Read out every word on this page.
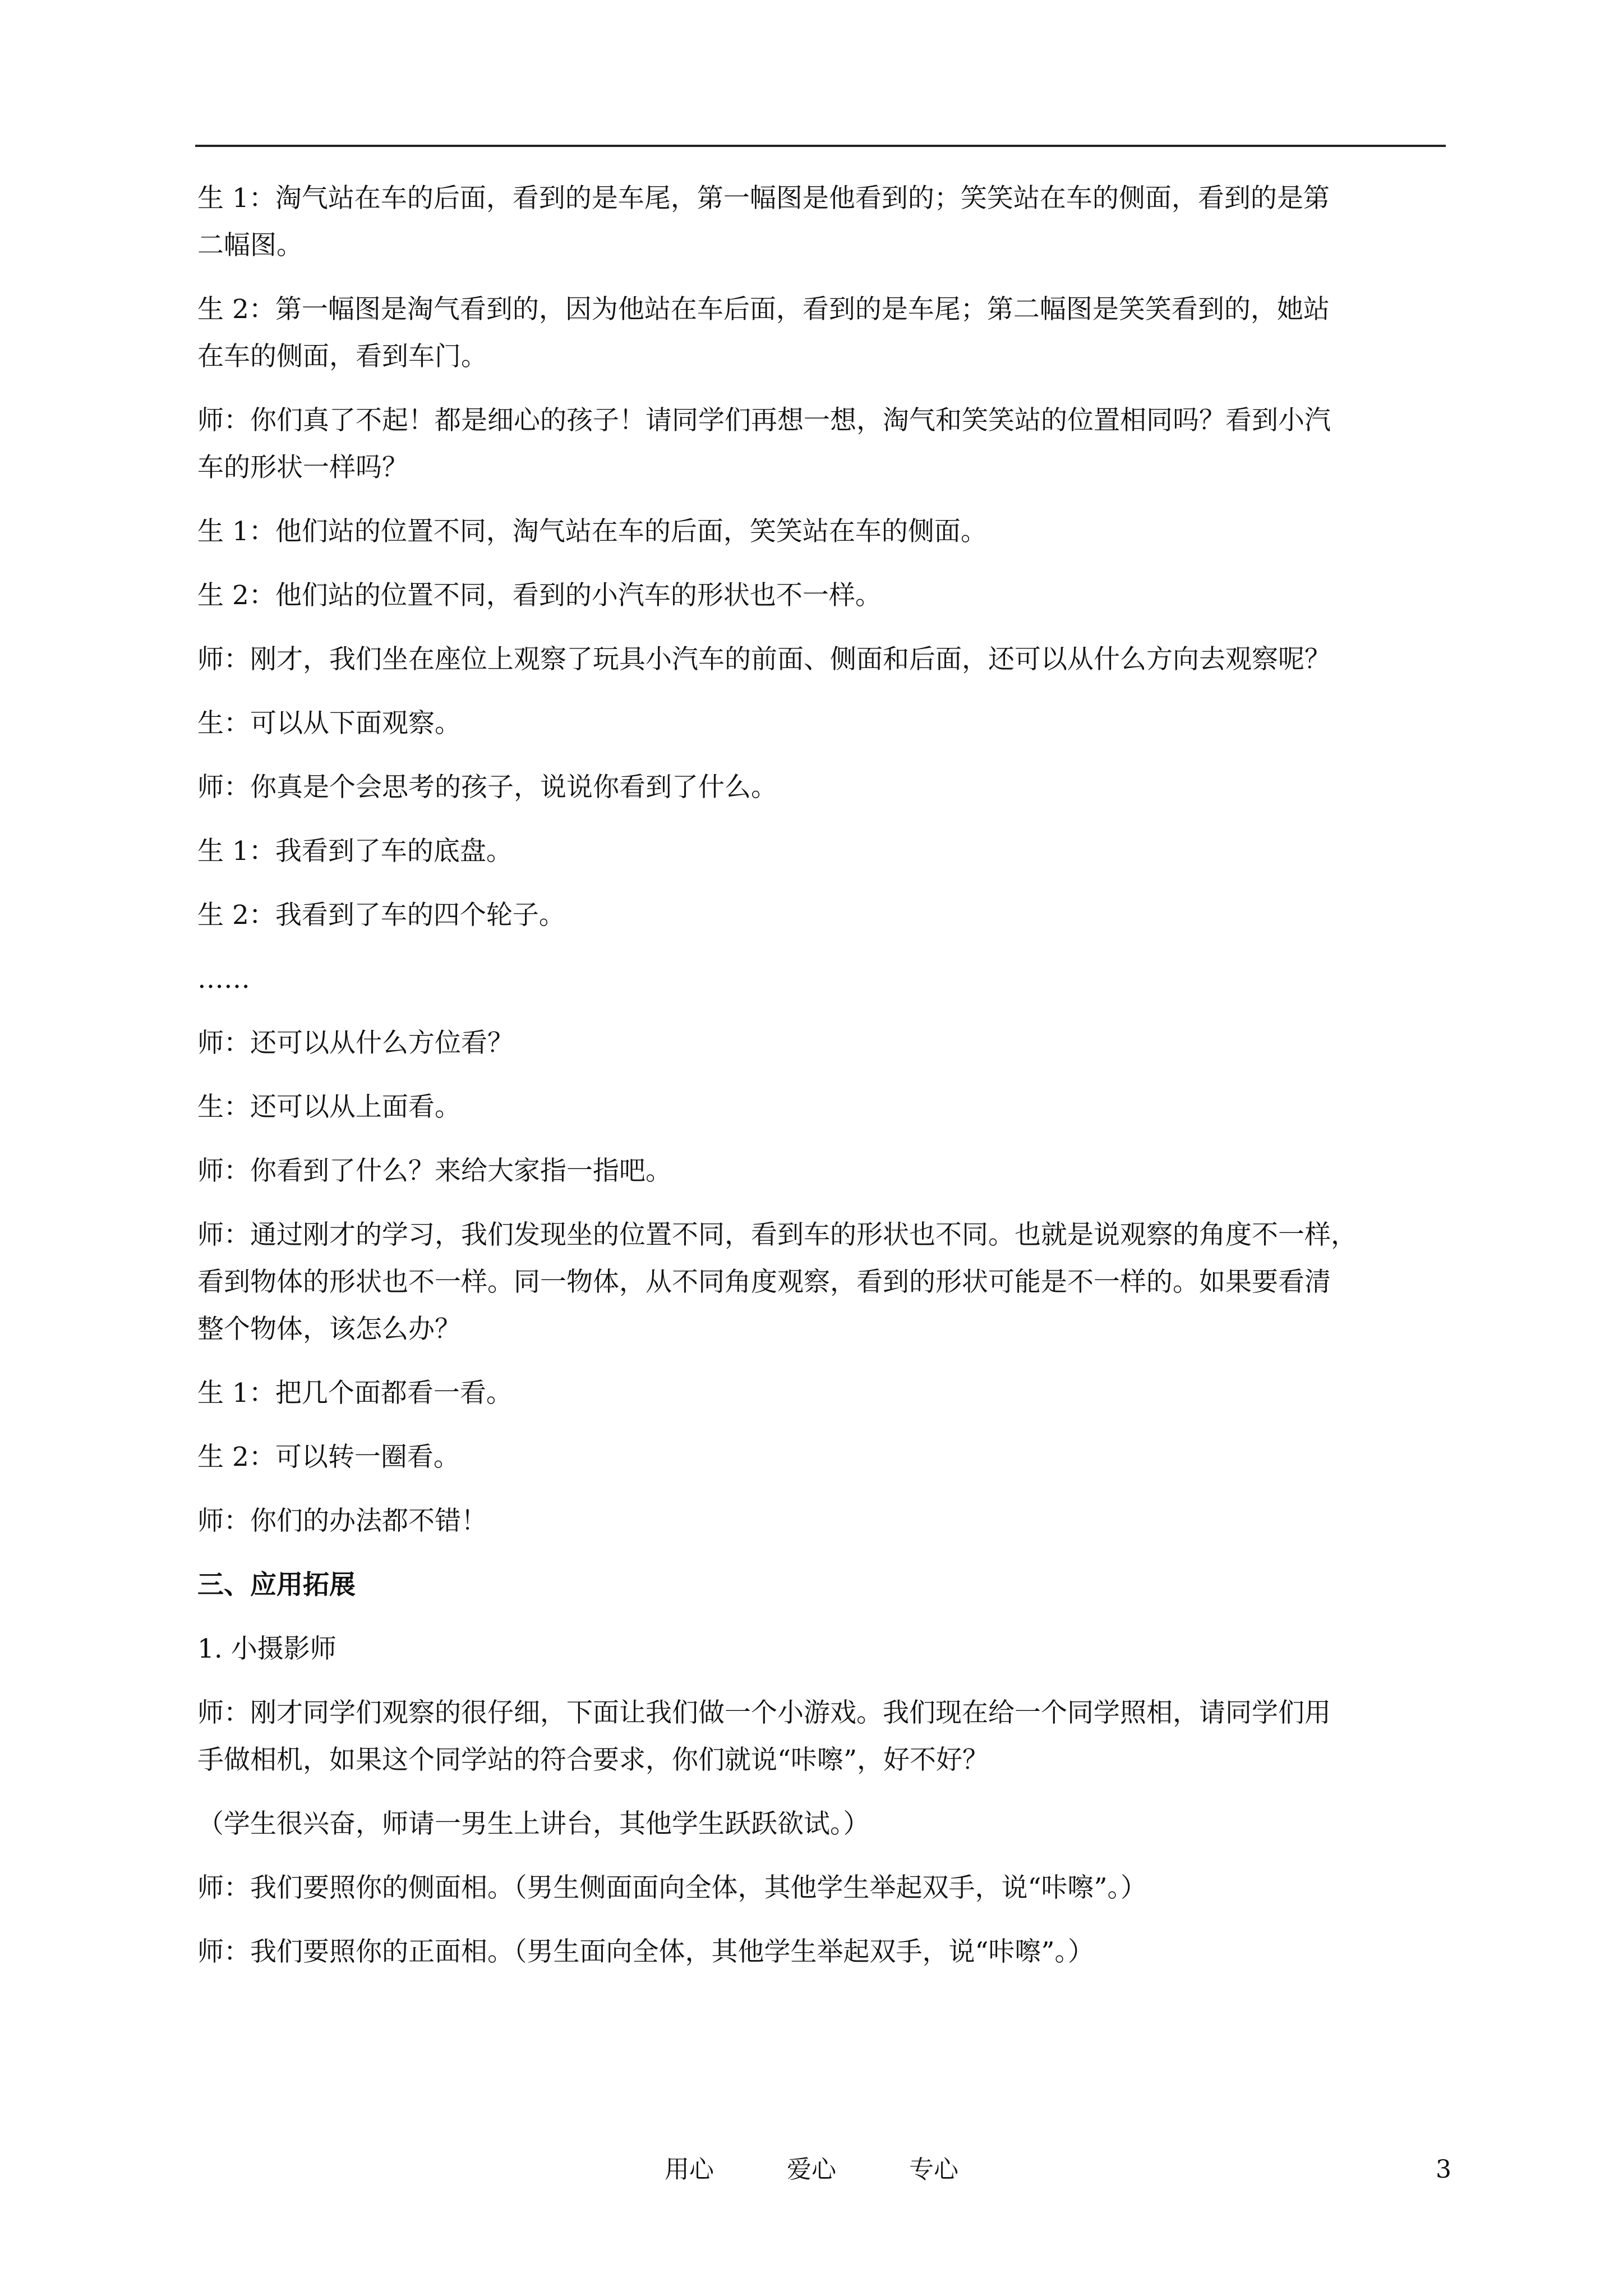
生 1：淘气站在车的后面，看到的是车尾，第一幅图是他看到的；笑笑站在车的侧面，看到的是第
二幅图。
生 2：第一幅图是淘气看到的，因为他站在车后面，看到的是车尾；第二幅图是笑笑看到的，她站
在车的侧面，看到车门。
师：你们真了不起！都是细心的孩子！请同学们再想一想，淘气和笑笑站的位置相同吗？看到小汽
车的形状一样吗？
生 1：他们站的位置不同，淘气站在车的后面，笑笑站在车的侧面。
生 2：他们站的位置不同，看到的小汽车的形状也不一样。
师：刚才，我们坐在座位上观察了玩具小汽车的前面、侧面和后面，还可以从什么方向去观察呢？
生：可以从下面观察。
师：你真是个会思考的孩子，说说你看到了什么。
生 1：我看到了车的底盘。
生 2：我看到了车的四个轮子。
……
师：还可以从什么方位看？
生：还可以从上面看。
师：你看到了什么？来给大家指一指吧。
师：通过刚才的学习，我们发现坐的位置不同，看到车的形状也不同。也就是说观察的角度不一样，
看到物体的形状也不一样。同一物体，从不同角度观察，看到的形状可能是不一样的。如果要看清
整个物体，该怎么办？
生 1：把几个面都看一看。
生 2：可以转一圈看。
师：你们的办法都不错！
三、应用拓展
1. 小摄影师
师：刚才同学们观察的很仔细，下面让我们做一个小游戏。我们现在给一个同学照相，请同学们用
手做相机，如果这个同学站的符合要求，你们就说“咔嚓”，好不好？
（学生很兴奋，师请一男生上讲台，其他学生跃跃欲试。）
师：我们要照你的侧面相。（男生侧面面向全体，其他学生举起双手，说“咔嚓”。）
师：我们要照你的正面相。（男生面向全体，其他学生举起双手，说“咔嚓”。）
用心	爱心	专心	3
